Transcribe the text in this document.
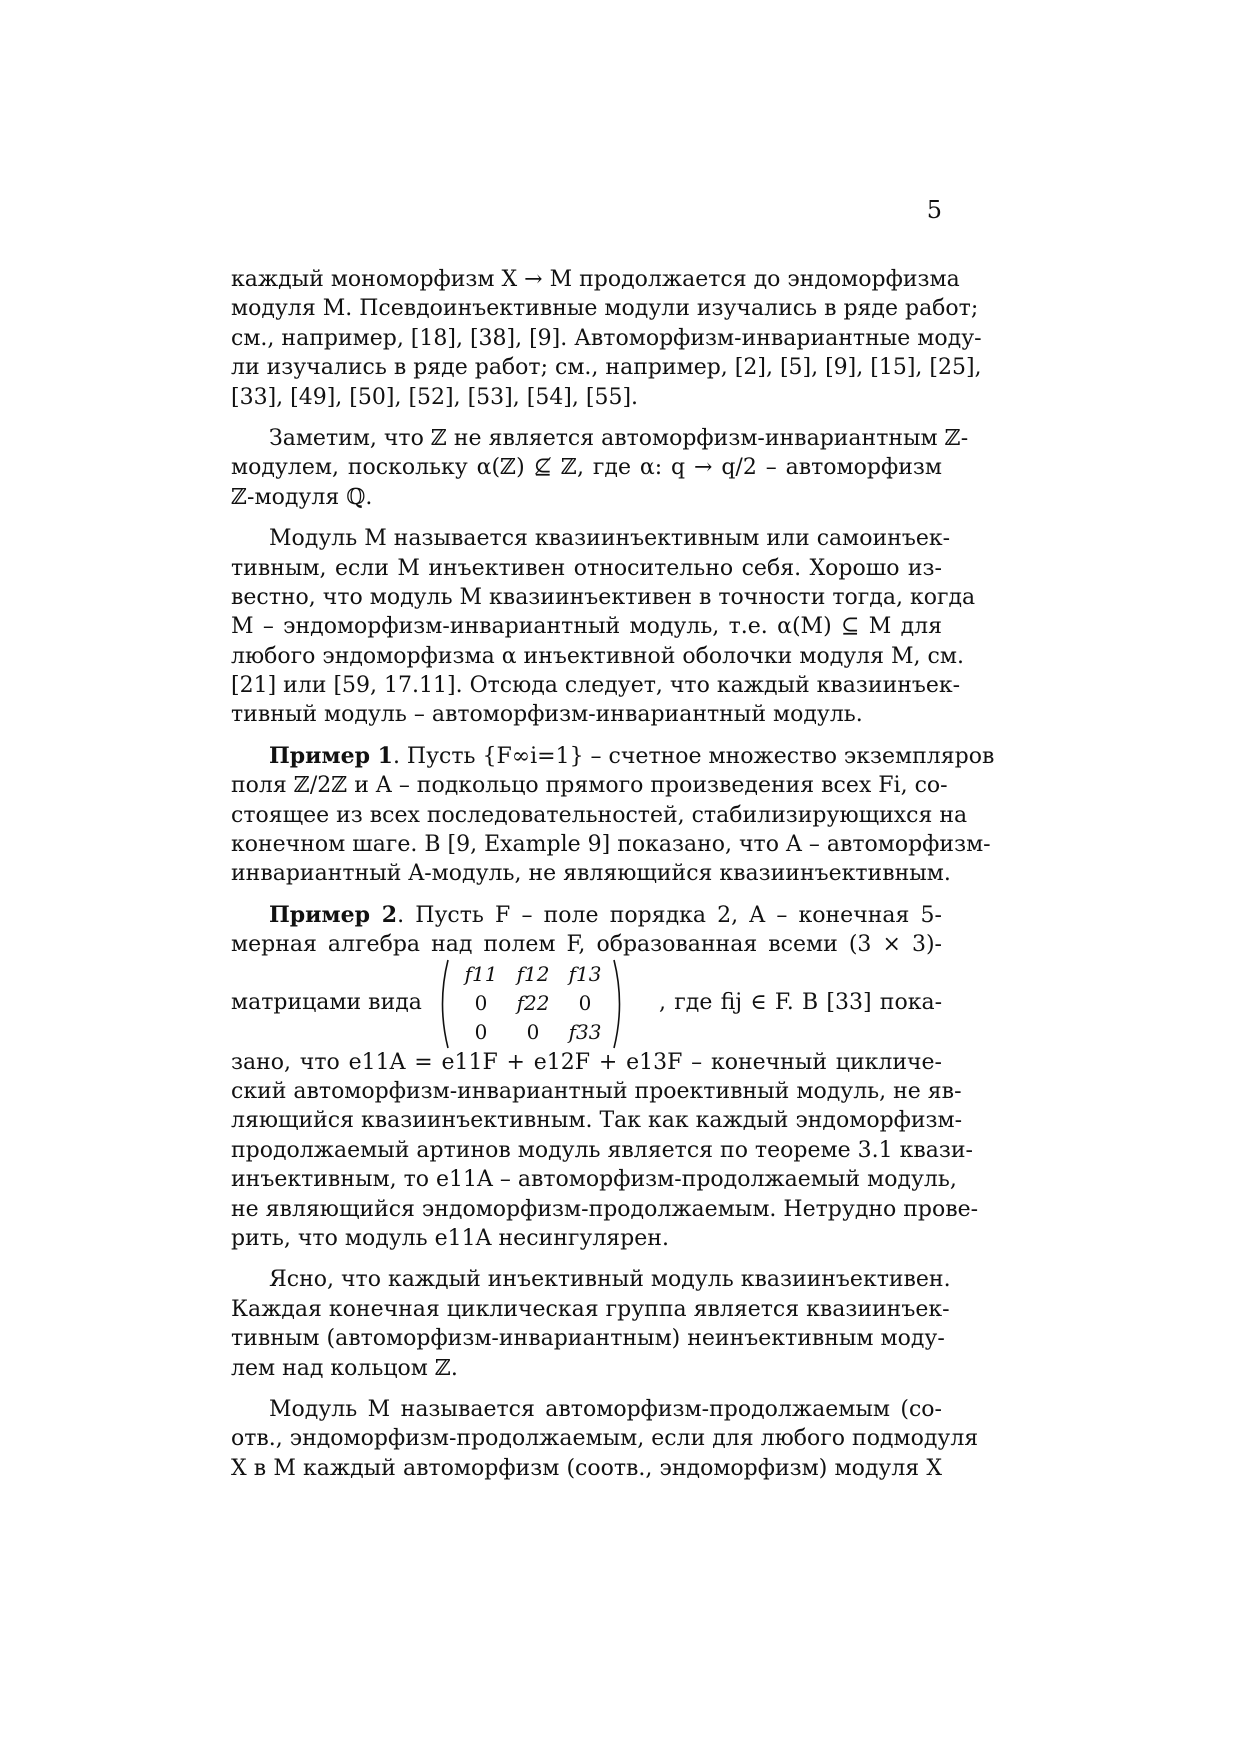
5
каждый мономорфизм X → M продолжается до эндоморфизма
модуля M. Псевдоинъективные модули изучались в ряде работ;
см., например, [18], [38], [9]. Автоморфизм-инвариантные моду-
ли изучались в ряде работ; см., например, [2], [5], [9], [15], [25],
[33], [49], [50], [52], [53], [54], [55].
Заметим, что ℤ не является автоморфизм-инвариантным ℤ-
модулем, поскольку α(ℤ) ⊈ ℤ, где α: q → q/2 – автоморфизм
ℤ-модуля ℚ.
Модуль M называется квазиинъективным или самоинъек-
тивным, если M инъективен относительно себя. Хорошо из-
вестно, что модуль M квазиинъективен в точности тогда, когда
M – эндоморфизм-инвариантный модуль, т.е. α(M) ⊆ M для
любого эндоморфизма α инъективной оболочки модуля M, см.
[21] или [59, 17.11]. Отсюда следует, что каждый квазиинъек-
тивный модуль – автоморфизм-инвариантный модуль.
Пример 1. Пусть {F∞i=1} – счетное множество экземпляров
поля ℤ/2ℤ и A – подкольцо прямого произведения всех Fi, со-
стоящее из всех последовательностей, стабилизирующихся на
конечном шаге. В [9, Example 9] показано, что A – автоморфизм-
инвариантный A-модуль, не являющийся квазиинъективным.
Пример 2. Пусть F – поле порядка 2, A – конечная 5-
мерная алгебра над полем F, образованная всеми (3 × 3)-
матрицами вида
f11 f12 f13
0	f22	0
0	0	f33
, где fij ∈ F. В [33] пока-
зано, что e11A = e11F + e12F + e13F – конечный цикличе-
ский автоморфизм-инвариантный проективный модуль, не яв-
ляющийся квазиинъективным. Так как каждый эндоморфизм-
продолжаемый артинов модуль является по теореме 3.1 квази-
инъективным, то e11A – автоморфизм-продолжаемый модуль,
не являющийся эндоморфизм-продолжаемым. Нетрудно прове-
рить, что модуль e11A несингулярен.
Ясно, что каждый инъективный модуль квазиинъективен.
Каждая конечная циклическая группа является квазиинъек-
тивным (автоморфизм-инвариантным) неинъективным моду-
лем над кольцом ℤ.
Модуль M называется автоморфизм-продолжаемым (со-
отв., эндоморфизм-продолжаемым, если для любого подмодуля
X в M каждый автоморфизм (соотв., эндоморфизм) модуля X
